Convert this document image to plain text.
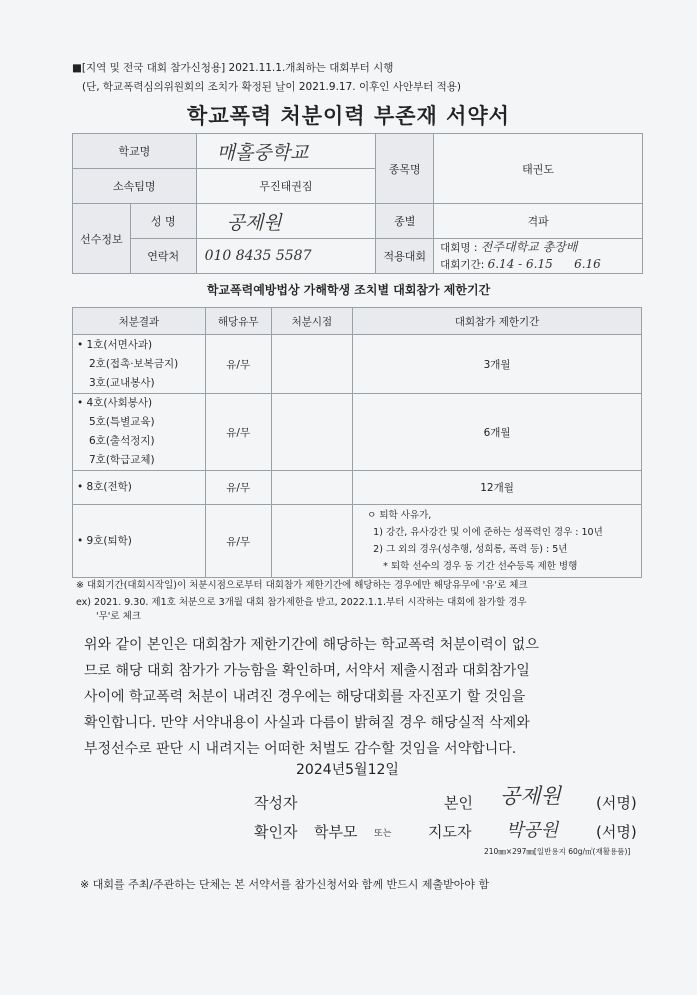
■[지역 및 전국 대회 참가신청용] 2021.11.1.개최하는 대회부터 시행
(단, 학교폭력심의위원회의 조치가 확정된 날이 2021.9.17. 이후인 사안부터 적용)
학교폭력 처분이력 부존재 서약서
학교명		매홀중학교	종목명	태권도
소속팀명		무진태권짐		
선수정보	성 명	공제원	종별	격파
	연락처	010 8435 5587	적용대회	대회명 : 전주대학교 총장배
대회기간: 6.14 - 6.15 6.16
학교폭력예방법상 가해학생 조치별 대회참가 제한기간
처분결과	해당유무	처분시점	대회참가 제한기간

• 1호(서면사과)
2호(접촉·보복금지)
3호(교내봉사)	유/무		3개월

• 4호(사회봉사)
5호(특별교육)
6호(출석정지)
7호(학급교체)	유/무		6개월

• 8호(전학)	유/무		12개월

• 9호(퇴학)	유/무		ㅇ 퇴학 사유가,
1) 강간, 유사강간 및 이에 준하는 성폭력인 경우 : 10년
2) 그 외의 경우(성추행, 성희롱, 폭력 등) : 5년
* 퇴학 선수의 경우 동 기간 선수등록 제한 병행
※ 대회기간(대회시작일)이 처분시점으로부터 대회참가 제한기간에 해당하는 경우에만 해당유무에 '유'로 체크
ex) 2021. 9.30. 제1호 처분으로 3개월 대회 참가제한을 받고, 2022.1.1.부터 시작하는 대회에 참가할 경우
'무'로 체크
위와 같이 본인은 대회참가 제한기간에 해당하는 학교폭력 처분이력이 없으
므로 해당 대회 참가가 가능함을 확인하며, 서약서 제출시점과 대회참가일
사이에 학교폭력 처분이 내려진 경우에는 해당대회를 자진포기 할 것임을
확인합니다. 만약 서약내용이 사실과 다름이 밝혀질 경우 해당실적 삭제와
부정선수로 판단 시 내려지는 어떠한 처벌도 감수할 것임을 서약합니다.
2024년5월12일
작성자	본인 공제원 (서명)
확인자 학부모 또는 지도자 박공원	(서명)
210㎜×297㎜[일반용지 60g/㎡(재활용품)]
※ 대회를 주최/주관하는 단체는 본 서약서를 참가신청서와 함께 반드시 제출받아야 함
